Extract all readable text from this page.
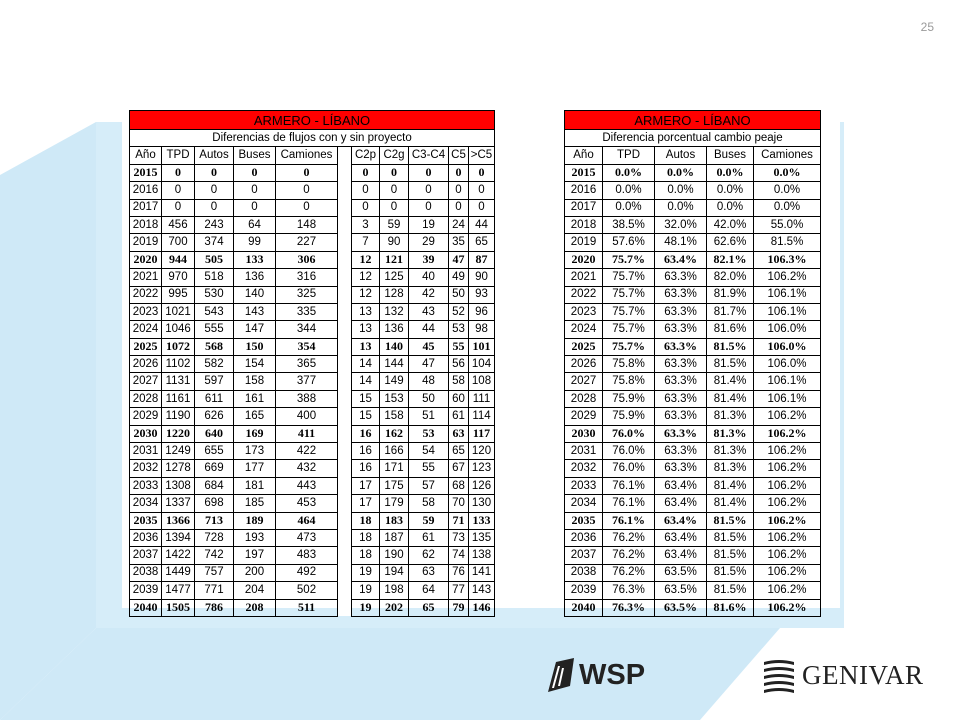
25
ARMERO - LÍBANO										
Diferencias de flujos con y sin proyecto										
Año	TPD	Autos	Buses	Camiones		C2p	C2g	C3-C4	C5	>C5
2015	0	0	0	0		0	0	0	0	0
2016	0	0	0	0		0	0	0	0	0
2017	0	0	0	0		0	0	0	0	0
2018	456	243	64	148		3	59	19	24	44
2019	700	374	99	227		7	90	29	35	65
2020	944	505	133	306		12	121	39	47	87
2021	970	518	136	316		12	125	40	49	90
2022	995	530	140	325		12	128	42	50	93
2023	1021	543	143	335		13	132	43	52	96
2024	1046	555	147	344		13	136	44	53	98
2025	1072	568	150	354		13	140	45	55	101
2026	1102	582	154	365		14	144	47	56	104
2027	1131	597	158	377		14	149	48	58	108
2028	1161	611	161	388		15	153	50	60	111
2029	1190	626	165	400		15	158	51	61	114
2030	1220	640	169	411		16	162	53	63	117
2031	1249	655	173	422		16	166	54	65	120
2032	1278	669	177	432		16	171	55	67	123
2033	1308	684	181	443		17	175	57	68	126
2034	1337	698	185	453		17	179	58	70	130
2035	1366	713	189	464		18	183	59	71	133
2036	1394	728	193	473		18	187	61	73	135
2037	1422	742	197	483		18	190	62	74	138
2038	1449	757	200	492		19	194	63	76	141
2039	1477	771	204	502		19	198	64	77	143
2040	1505	786	208	511		19	202	65	79	146
ARMERO - LÍBANO				
Diferencia porcentual cambio peaje				
Año	TPD	Autos	Buses	Camiones
2015	0.0%	0.0%	0.0%	0.0%
2016	0.0%	0.0%	0.0%	0.0%
2017	0.0%	0.0%	0.0%	0.0%
2018	38.5%	32.0%	42.0%	55.0%
2019	57.6%	48.1%	62.6%	81.5%
2020	75.7%	63.4%	82.1%	106.3%
2021	75.7%	63.3%	82.0%	106.2%
2022	75.7%	63.3%	81.9%	106.1%
2023	75.7%	63.3%	81.7%	106.1%
2024	75.7%	63.3%	81.6%	106.0%
2025	75.7%	63.3%	81.5%	106.0%
2026	75.8%	63.3%	81.5%	106.0%
2027	75.8%	63.3%	81.4%	106.1%
2028	75.9%	63.3%	81.4%	106.1%
2029	75.9%	63.3%	81.3%	106.2%
2030	76.0%	63.3%	81.3%	106.2%
2031	76.0%	63.3%	81.3%	106.2%
2032	76.0%	63.3%	81.3%	106.2%
2033	76.1%	63.4%	81.4%	106.2%
2034	76.1%	63.4%	81.4%	106.2%
2035	76.1%	63.4%	81.5%	106.2%
2036	76.2%	63.4%	81.5%	106.2%
2037	76.2%	63.4%	81.5%	106.2%
2038	76.2%	63.5%	81.5%	106.2%
2039	76.3%	63.5%	81.5%	106.2%
2040	76.3%	63.5%	81.6%	106.2%
WSP	GENIVAR
